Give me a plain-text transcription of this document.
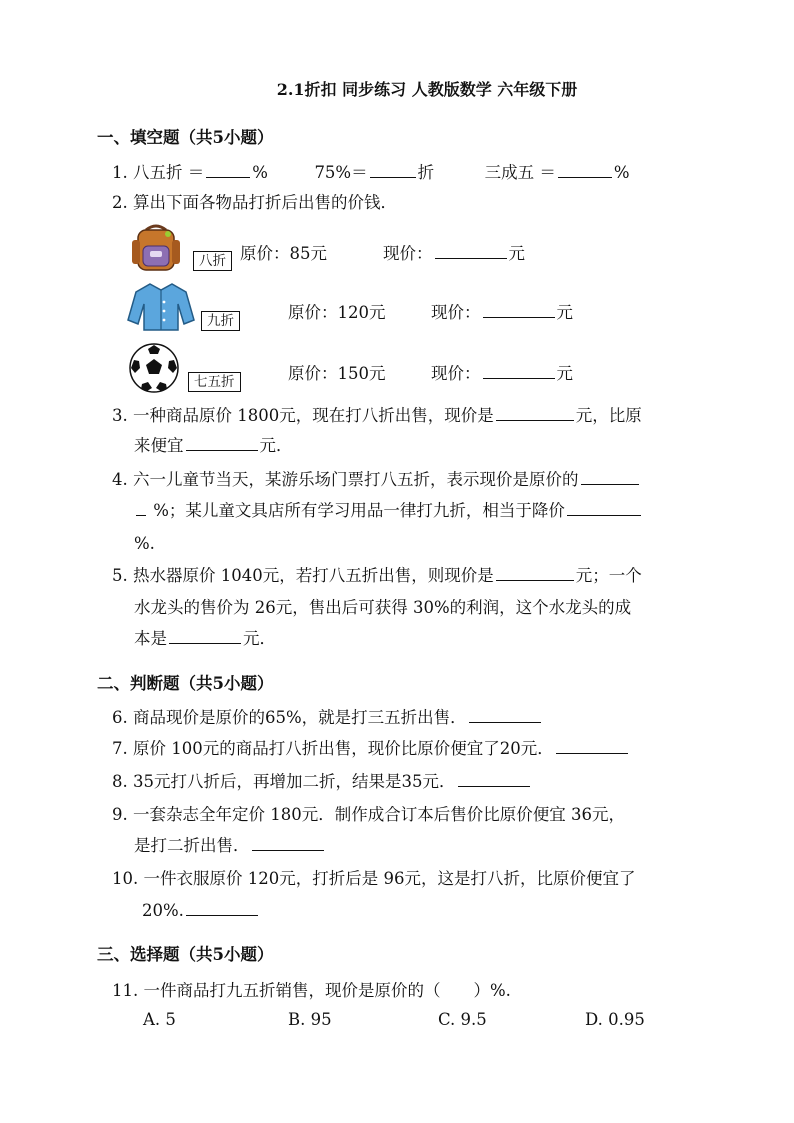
2.1折扣 同步练习 人教版数学 六年级下册
一、填空题（共5小题）
1. 八五折 ＝	%	75%＝	折	三成五 ＝	%
2. 算出下面各物品打折后出售的价钱．
八折 原价：85元	现价：	元
九折	原价：120元	现价：	元
七五折	原价：150元	现价：	元
3. 一种商品原价 1800元，现在打八折出售，现价是	元，比原
来便宜	元．
4. 六一儿童节当天，某游乐场门票打八五折，表示现价是原价的
%；某儿童文具店所有学习用品一律打九折，相当于降价
%.
5. 热水器原价 1040元，若打八五折出售，则现价是	元；一个
水龙头的售价为 26元，售出后可获得 30%的利润，这个水龙头的成
本是	元．
二、判断题（共5小题）
6. 商品现价是原价的65%，就是打三五折出售．
7. 原价 100元的商品打八折出售，现价比原价便宜了20元．
8. 35元打八折后，再增加二折，结果是35元．
9. 一套杂志全年定价 180元．制作成合订本后售价比原价便宜 36元，
是打二折出售．
10. 一件衣服原价 120元，打折后是 96元，这是打八折，比原价便宜了
20%.
三、选择题（共5小题）
11. 一件商品打九五折销售，现价是原价的（　　）%.
A. 5	B. 95	C. 9.5	D. 0.95
